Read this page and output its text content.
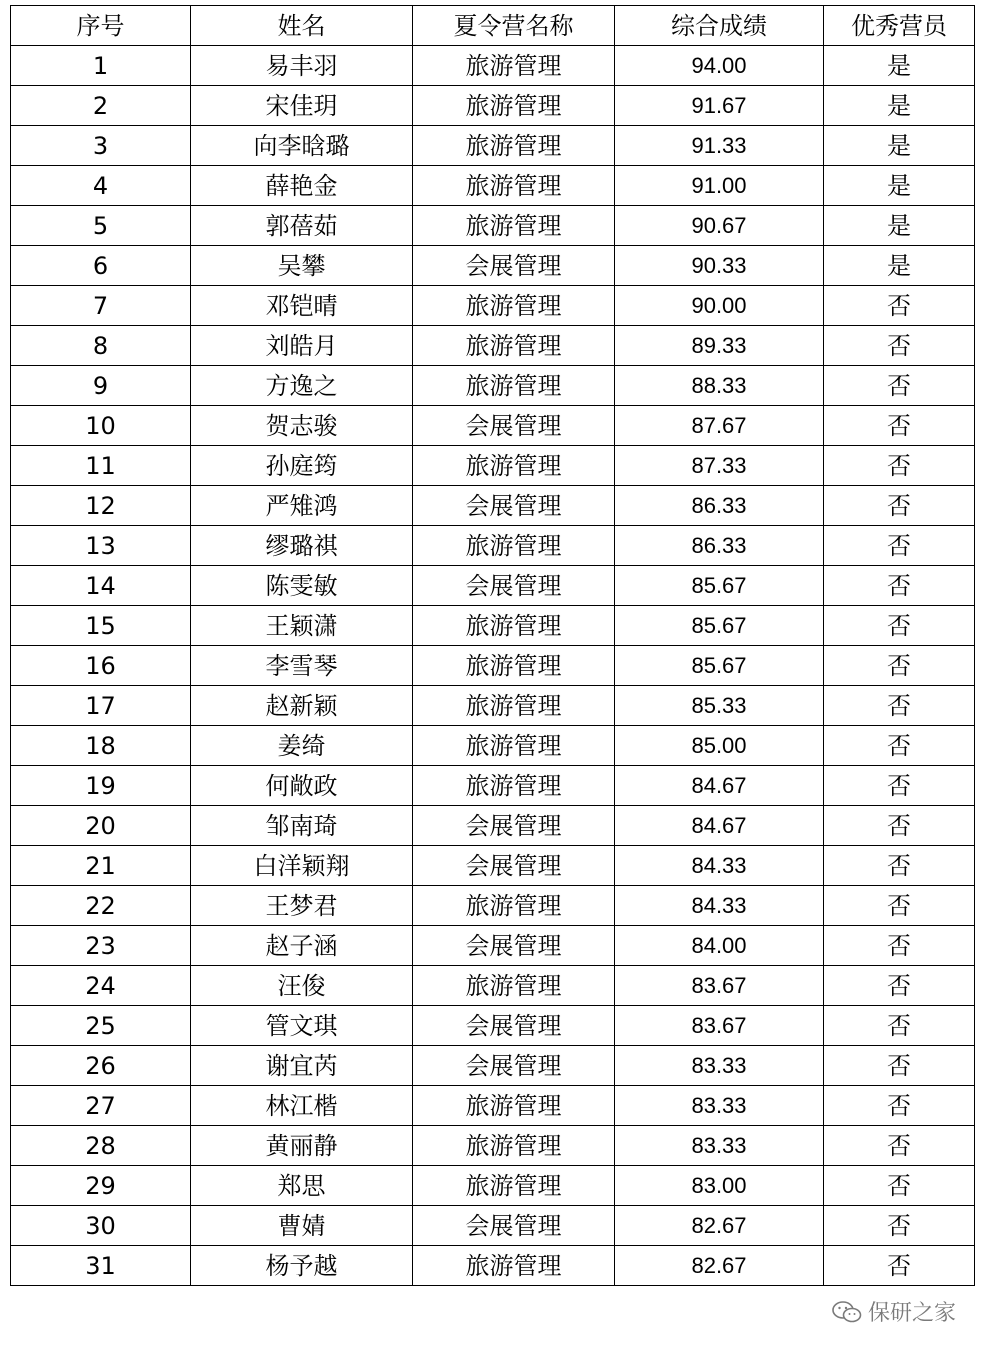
序号	姓名	夏令营名称	综合成绩	优秀营员
1	易丰羽	旅游管理	94.00	是
2	宋佳玥	旅游管理	91.67	是
3	向李晗璐	旅游管理	91.33	是
4	薛艳金	旅游管理	91.00	是
5	郭蓓茹	旅游管理	90.67	是
6	吴攀	会展管理	90.33	是
7	邓铠晴	旅游管理	90.00	否
8	刘皓月	旅游管理	89.33	否
9	方逸之	旅游管理	88.33	否
10	贺志骏	会展管理	87.67	否
11	孙庭筠	旅游管理	87.33	否
12	严雉鸿	会展管理	86.33	否
13	缪璐祺	旅游管理	86.33	否
14	陈雯敏	会展管理	85.67	否
15	王颖潇	旅游管理	85.67	否
16	李雪琴	旅游管理	85.67	否
17	赵新颖	旅游管理	85.33	否
18	姜绮	旅游管理	85.00	否
19	何敞政	旅游管理	84.67	否
20	邹南琦	会展管理	84.67	否
21	白洋颖翔	会展管理	84.33	否
22	王梦君	旅游管理	84.33	否
23	赵子涵	会展管理	84.00	否
24	汪俊	旅游管理	83.67	否
25	管文琪	会展管理	83.67	否
26	谢宜芮	会展管理	83.33	否
27	林江楷	旅游管理	83.33	否
28	黄丽静	旅游管理	83.33	否
29	郑思	旅游管理	83.00	否
30	曹婧	会展管理	82.67	否
31	杨予越	旅游管理	82.67	否
保研之家
